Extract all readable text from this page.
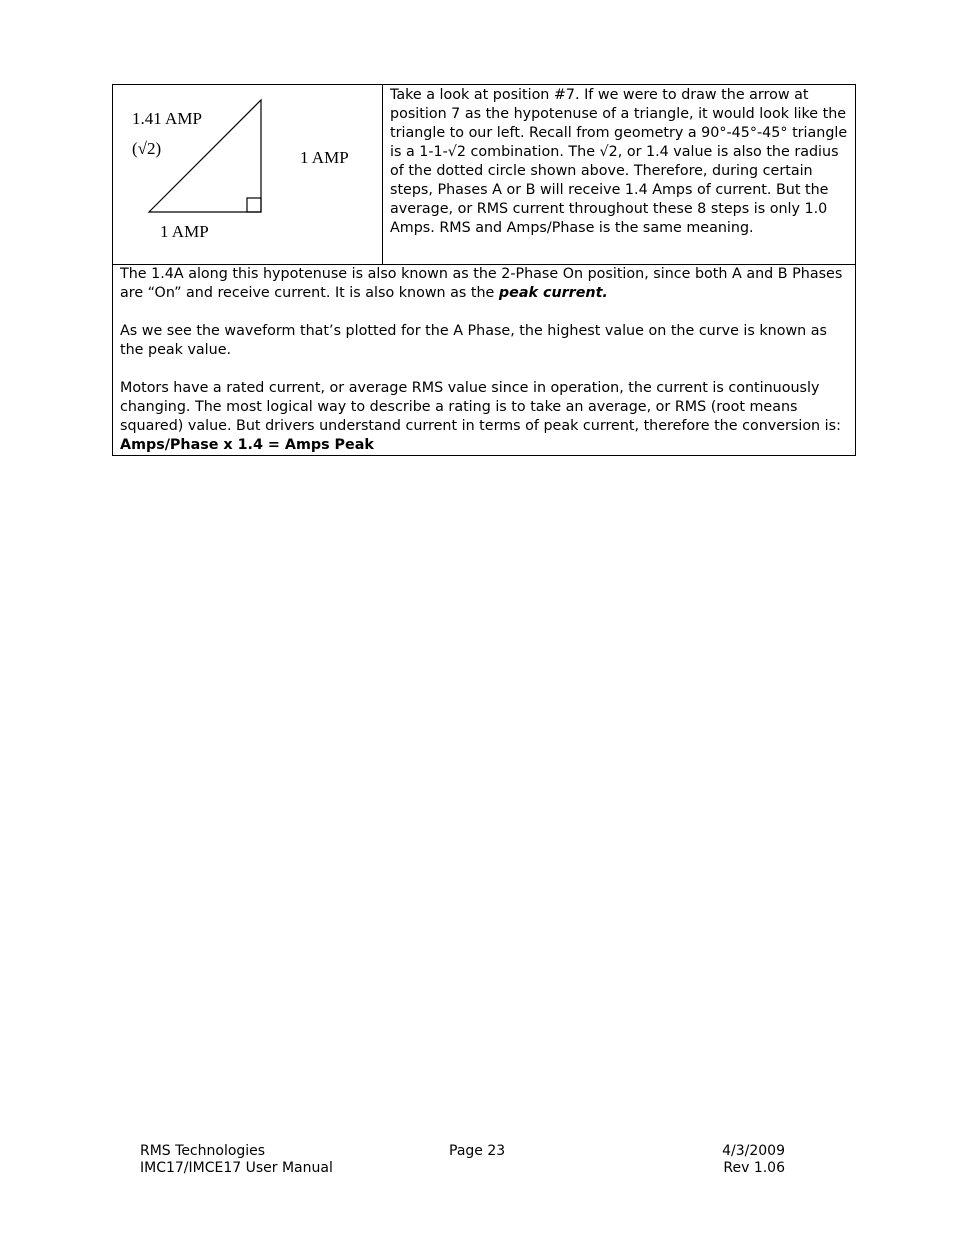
1.41 AMP
(√2)	1 AMP
1 AMP
Take a look at position #7. If we were to draw the arrow at position 7 as the hypotenuse of a triangle, it would look like the triangle to our left. Recall from geometry a 90°-45°-45° triangle is a 1-1-√2 combination. The √2, or 1.4 value is also the radius of the dotted circle shown above. Therefore, during certain steps, Phases A or B will receive 1.4 Amps of current. But the average, or RMS current throughout these 8 steps is only 1.0 Amps. RMS and Amps/Phase is the same meaning.

The 1.4A along this hypotenuse is also known as the 2-Phase On position, since both A and B Phases are “On” and receive current. It is also known as the peak current.

As we see the waveform that’s plotted for the A Phase, the highest value on the curve is known as the peak value.

Motors have a rated current, or average RMS value since in operation, the current is continuously changing. The most logical way to describe a rating is to take an average, or RMS (root means squared) value. But drivers understand current in terms of peak current, therefore the conversion is: Amps/Phase x 1.4 = Amps Peak

RMS Technologies
IMC17/IMCE17 User Manual
Page 23	4/3/2009
Rev 1.06
